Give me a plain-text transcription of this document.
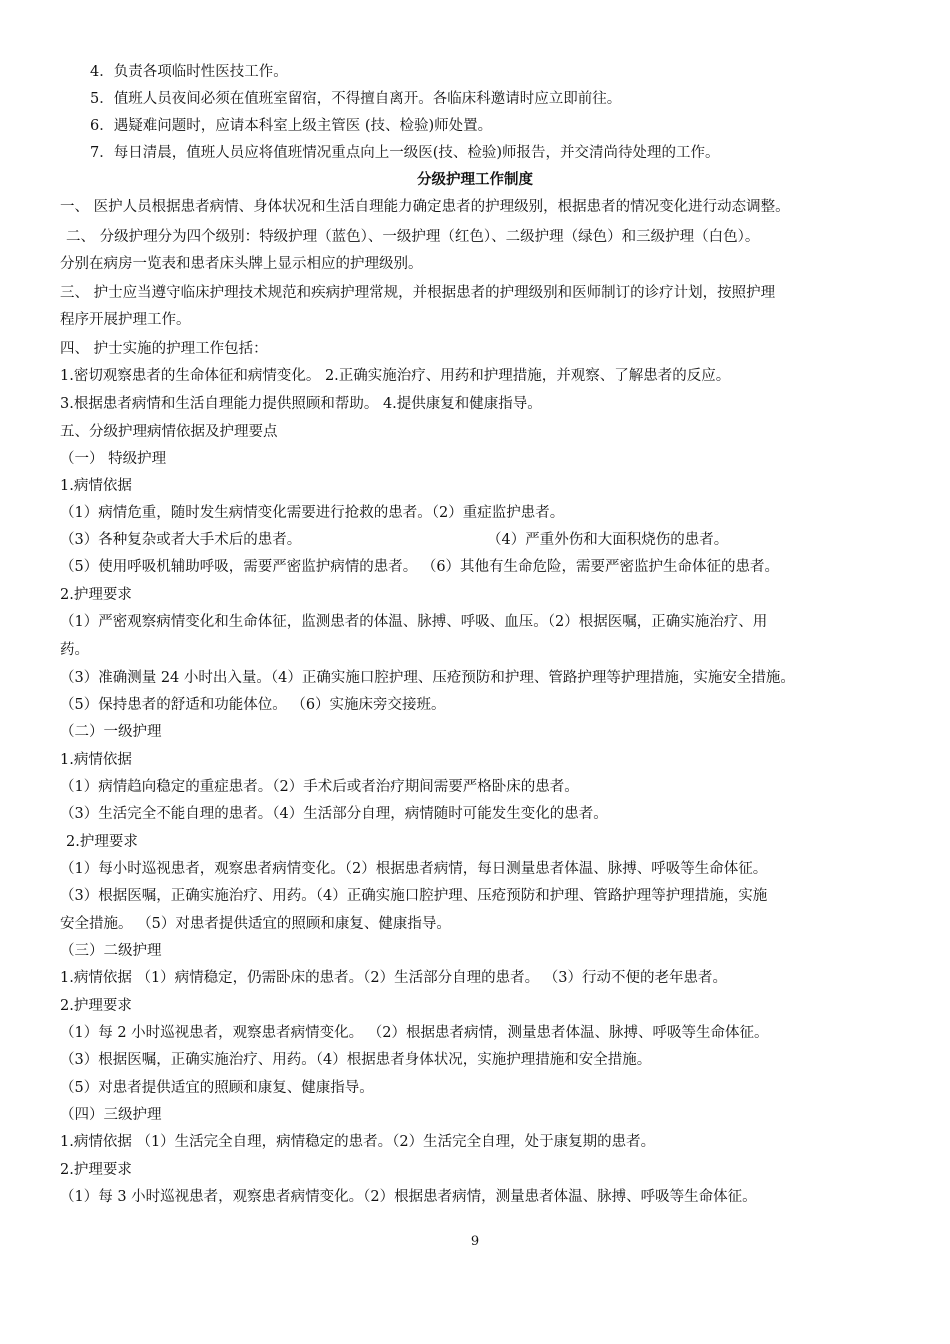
4．负责各项临时性医技工作。
5．值班人员夜间必须在值班室留宿，不得擅自离开。各临床科邀请时应立即前往。
6．遇疑难问题时，应请本科室上级主管医 (技、检验)师处置。
7．每日清晨，值班人员应将值班情况重点向上一级医(技、检验)师报告，并交清尚待处理的工作。
分级护理工作制度
一、 医护人员根据患者病情、身体状况和生活自理能力确定患者的护理级别，根据患者的情况变化进行动态调整。
二、 分级护理分为四个级别：特级护理（蓝色）、一级护理（红色）、二级护理（绿色）和三级护理（白色）。
分别在病房一览表和患者床头牌上显示相应的护理级别。
三、 护士应当遵守临床护理技术规范和疾病护理常规，并根据患者的护理级别和医师制订的诊疗计划，按照护理
程序开展护理工作。
四、 护士实施的护理工作包括：
1.密切观察患者的生命体征和病情变化。 2.正确实施治疗、用药和护理措施，并观察、了解患者的反应。
3.根据患者病情和生活自理能力提供照顾和帮助。 4.提供康复和健康指导。
五、分级护理病情依据及护理要点
（一） 特级护理
1.病情依据
（1）病情危重，随时发生病情变化需要进行抢救的患者。（2）重症监护患者。
（3）各种复杂或者大手术后的患者。	（4）严重外伤和大面积烧伤的患者。
（5）使用呼吸机辅助呼吸，需要严密监护病情的患者。 （6）其他有生命危险，需要严密监护生命体征的患者。
2.护理要求
（1）严密观察病情变化和生命体征，监测患者的体温、脉搏、呼吸、血压。（2）根据医嘱，正确实施治疗、用
药。
（3）准确测量 24 小时出入量。（4）正确实施口腔护理、压疮预防和护理、管路护理等护理措施，实施安全措施。
（5）保持患者的舒适和功能体位。 （6）实施床旁交接班。
（二）一级护理
1.病情依据
（1）病情趋向稳定的重症患者。（2）手术后或者治疗期间需要严格卧床的患者。
（3）生活完全不能自理的患者。（4）生活部分自理，病情随时可能发生变化的患者。
2.护理要求
（1）每小时巡视患者，观察患者病情变化。（2）根据患者病情，每日测量患者体温、脉搏、呼吸等生命体征。
（3）根据医嘱，正确实施治疗、用药。（4）正确实施口腔护理、压疮预防和护理、管路护理等护理措施，实施
安全措施。 （5）对患者提供适宜的照顾和康复、健康指导。
（三）二级护理
1.病情依据 （1）病情稳定，仍需卧床的患者。（2）生活部分自理的患者。 （3）行动不便的老年患者。
2.护理要求
（1）每 2 小时巡视患者，观察患者病情变化。 （2）根据患者病情，测量患者体温、脉搏、呼吸等生命体征。
（3）根据医嘱，正确实施治疗、用药。（4）根据患者身体状况，实施护理措施和安全措施。
（5）对患者提供适宜的照顾和康复、健康指导。
（四）三级护理
1.病情依据 （1）生活完全自理，病情稳定的患者。（2）生活完全自理，处于康复期的患者。
2.护理要求
（1）每 3 小时巡视患者，观察患者病情变化。（2）根据患者病情，测量患者体温、脉搏、呼吸等生命体征。
9
